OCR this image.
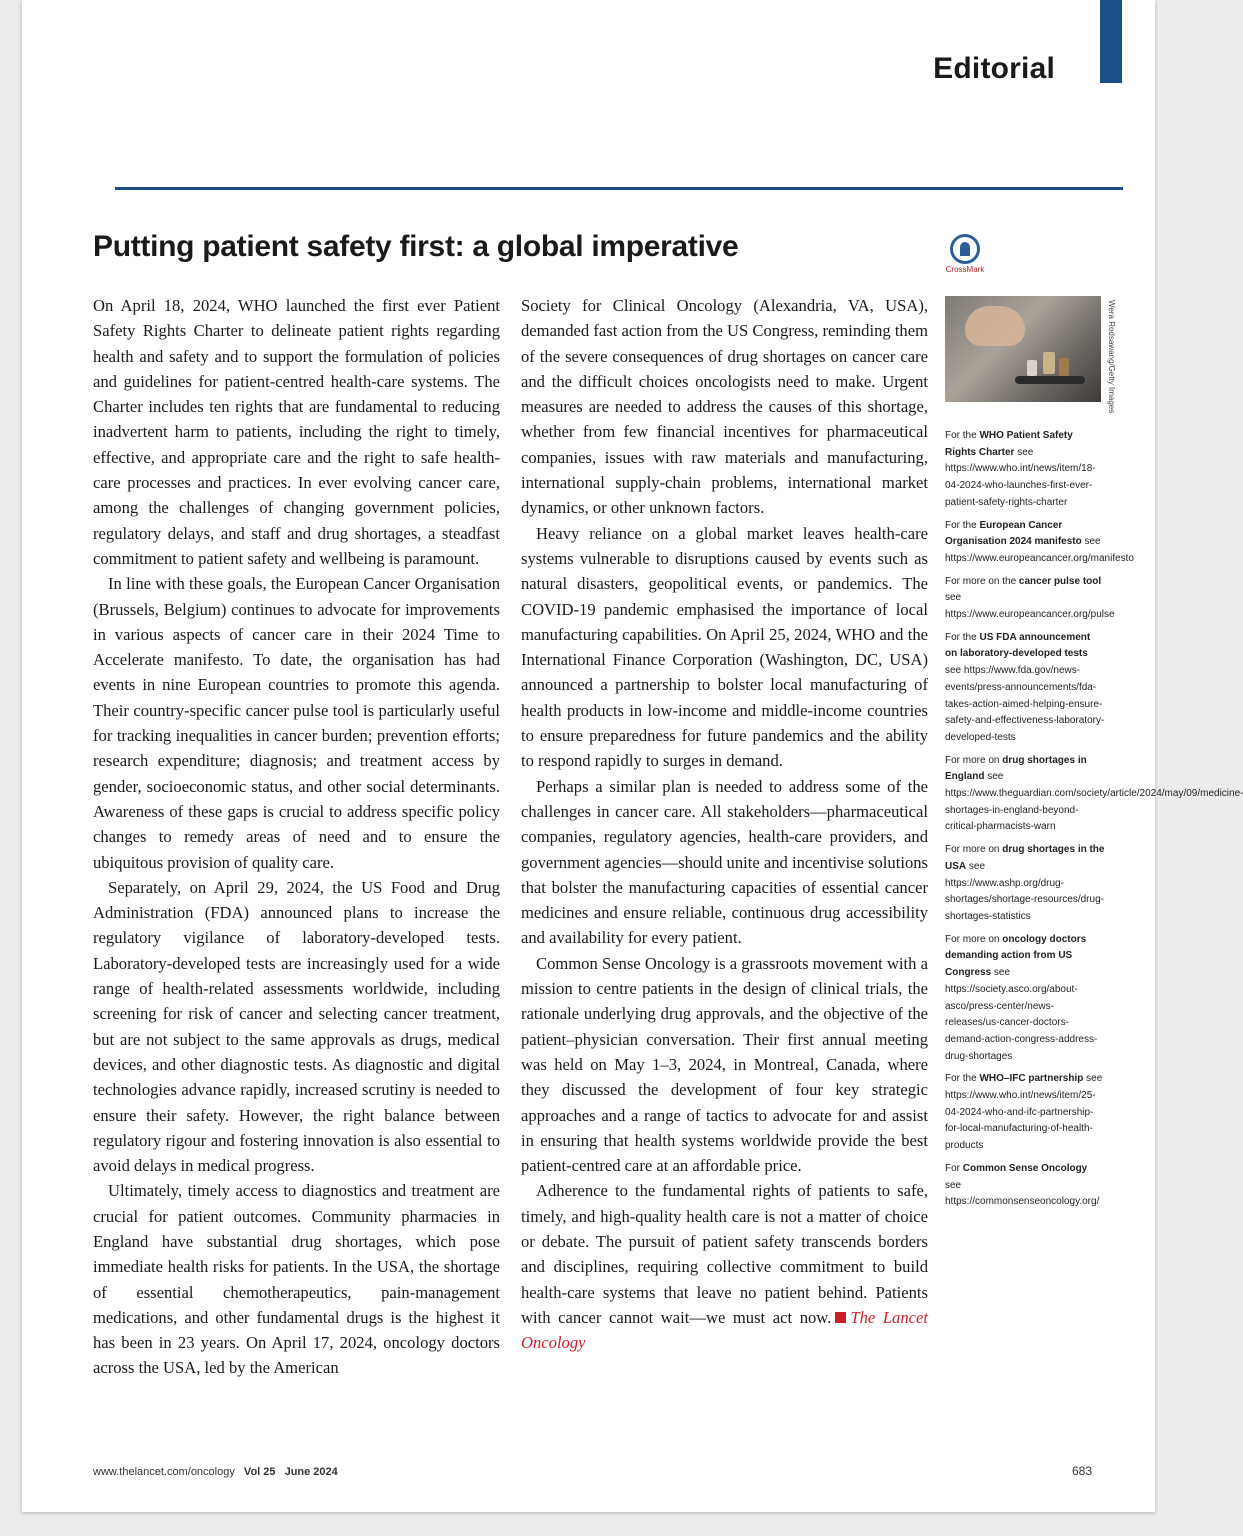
Editorial
Putting patient safety first: a global imperative
CrossMark
Wera Rodsawang/Getty Images

On April 18, 2024, WHO launched the first ever Patient Safety Rights Charter to delineate patient rights regarding health and safety and to support the formulation of policies and guidelines for patient-centred health-care systems. The Charter includes ten rights that are fundamental to reducing inadvertent harm to patients, including the right to timely, effective, and appropriate care and the right to safe health-care processes and practices. In ever evolving cancer care, among the challenges of changing government policies, regulatory delays, and staff and drug shortages, a steadfast commitment to patient safety and wellbeing is paramount.

In line with these goals, the European Cancer Organisation (Brussels, Belgium) continues to advocate for improvements in various aspects of cancer care in their 2024 Time to Accelerate manifesto. To date, the organisation has had events in nine European countries to promote this agenda. Their country-specific cancer pulse tool is particularly useful for tracking inequalities in cancer burden; prevention efforts; research expenditure; diagnosis; and treatment access by gender, socioeconomic status, and other social determinants. Awareness of these gaps is crucial to address specific policy changes to remedy areas of need and to ensure the ubiquitous provision of quality care.

Separately, on April 29, 2024, the US Food and Drug Administration (FDA) announced plans to increase the regulatory vigilance of laboratory-developed tests. Laboratory-developed tests are increasingly used for a wide range of health-related assessments worldwide, including screening for risk of cancer and selecting cancer treatment, but are not subject to the same approvals as drugs, medical devices, and other diagnostic tests. As diagnostic and digital technologies advance rapidly, increased scrutiny is needed to ensure their safety. However, the right balance between regulatory rigour and fostering innovation is also essential to avoid delays in medical progress.

Ultimately, timely access to diagnostics and treatment are crucial for patient outcomes. Community pharmacies in England have substantial drug shortages, which pose immediate health risks for patients. In the USA, the shortage of essential chemotherapeutics, pain-management medications, and other fundamental drugs is the highest it has been in 23 years. On April 17, 2024, oncology doctors across the USA, led by the American

Society for Clinical Oncology (Alexandria, VA, USA), demanded fast action from the US Congress, reminding them of the severe consequences of drug shortages on cancer care and the difficult choices oncologists need to make. Urgent measures are needed to address the causes of this shortage, whether from few financial incentives for pharmaceutical companies, issues with raw materials and manufacturing, international supply-chain problems, international market dynamics, or other unknown factors.

Heavy reliance on a global market leaves health-care systems vulnerable to disruptions caused by events such as natural disasters, geopolitical events, or pandemics. The COVID-19 pandemic emphasised the importance of local manufacturing capabilities. On April 25, 2024, WHO and the International Finance Corporation (Washington, DC, USA) announced a partnership to bolster local manufacturing of health products in low-income and middle-income countries to ensure preparedness for future pandemics and the ability to respond rapidly to surges in demand.

Perhaps a similar plan is needed to address some of the challenges in cancer care. All stakeholders—pharmaceutical companies, regulatory agencies, health-care providers, and government agencies—should unite and incentivise solutions that bolster the manufacturing capacities of essential cancer medicines and ensure reliable, continuous drug accessibility and availability for every patient.

Common Sense Oncology is a grassroots movement with a mission to centre patients in the design of clinical trials, the rationale underlying drug approvals, and the objective of the patient–physician conversation. Their first annual meeting was held on May 1–3, 2024, in Montreal, Canada, where they discussed the development of four key strategic approaches and a range of tactics to advocate for and assist in ensuring that health systems worldwide provide the best patient-centred care at an affordable price.

Adherence to the fundamental rights of patients to safe, timely, and high-quality health care is not a matter of choice or debate. The pursuit of patient safety transcends borders and disciplines, requiring collective commitment to build health-care systems that leave no patient behind. Patients with cancer cannot wait—we must act now. The Lancet Oncology

For the WHO Patient Safety Rights Charter see https://www.who.int/news/item/18-04-2024-who-launches-first-ever-patient-safety-rights-charter
For the European Cancer Organisation 2024 manifesto see https://www.europeancancer.org/manifesto
For more on the cancer pulse tool see https://www.europeancancer.org/pulse
For the US FDA announcement on laboratory-developed tests see https://www.fda.gov/news-events/press-announcements/fda-takes-action-aimed-helping-ensure-safety-and-effectiveness-laboratory-developed-tests
For more on drug shortages in England see https://www.theguardian.com/society/article/2024/may/09/medicine-shortages-in-england-beyond-critical-pharmacists-warn
For more on drug shortages in the USA see https://www.ashp.org/drug-shortages/shortage-resources/drug-shortages-statistics
For more on oncology doctors demanding action from US Congress see https://society.asco.org/about-asco/press-center/news-releases/us-cancer-doctors-demand-action-congress-address-drug-shortages
For the WHO–IFC partnership see https://www.who.int/news/item/25-04-2024-who-and-ifc-partnership-for-local-manufacturing-of-health-products
For Common Sense Oncology see https://commonsenseoncology.org/
www.thelancet.com/oncology Vol 25 June 2024	683
